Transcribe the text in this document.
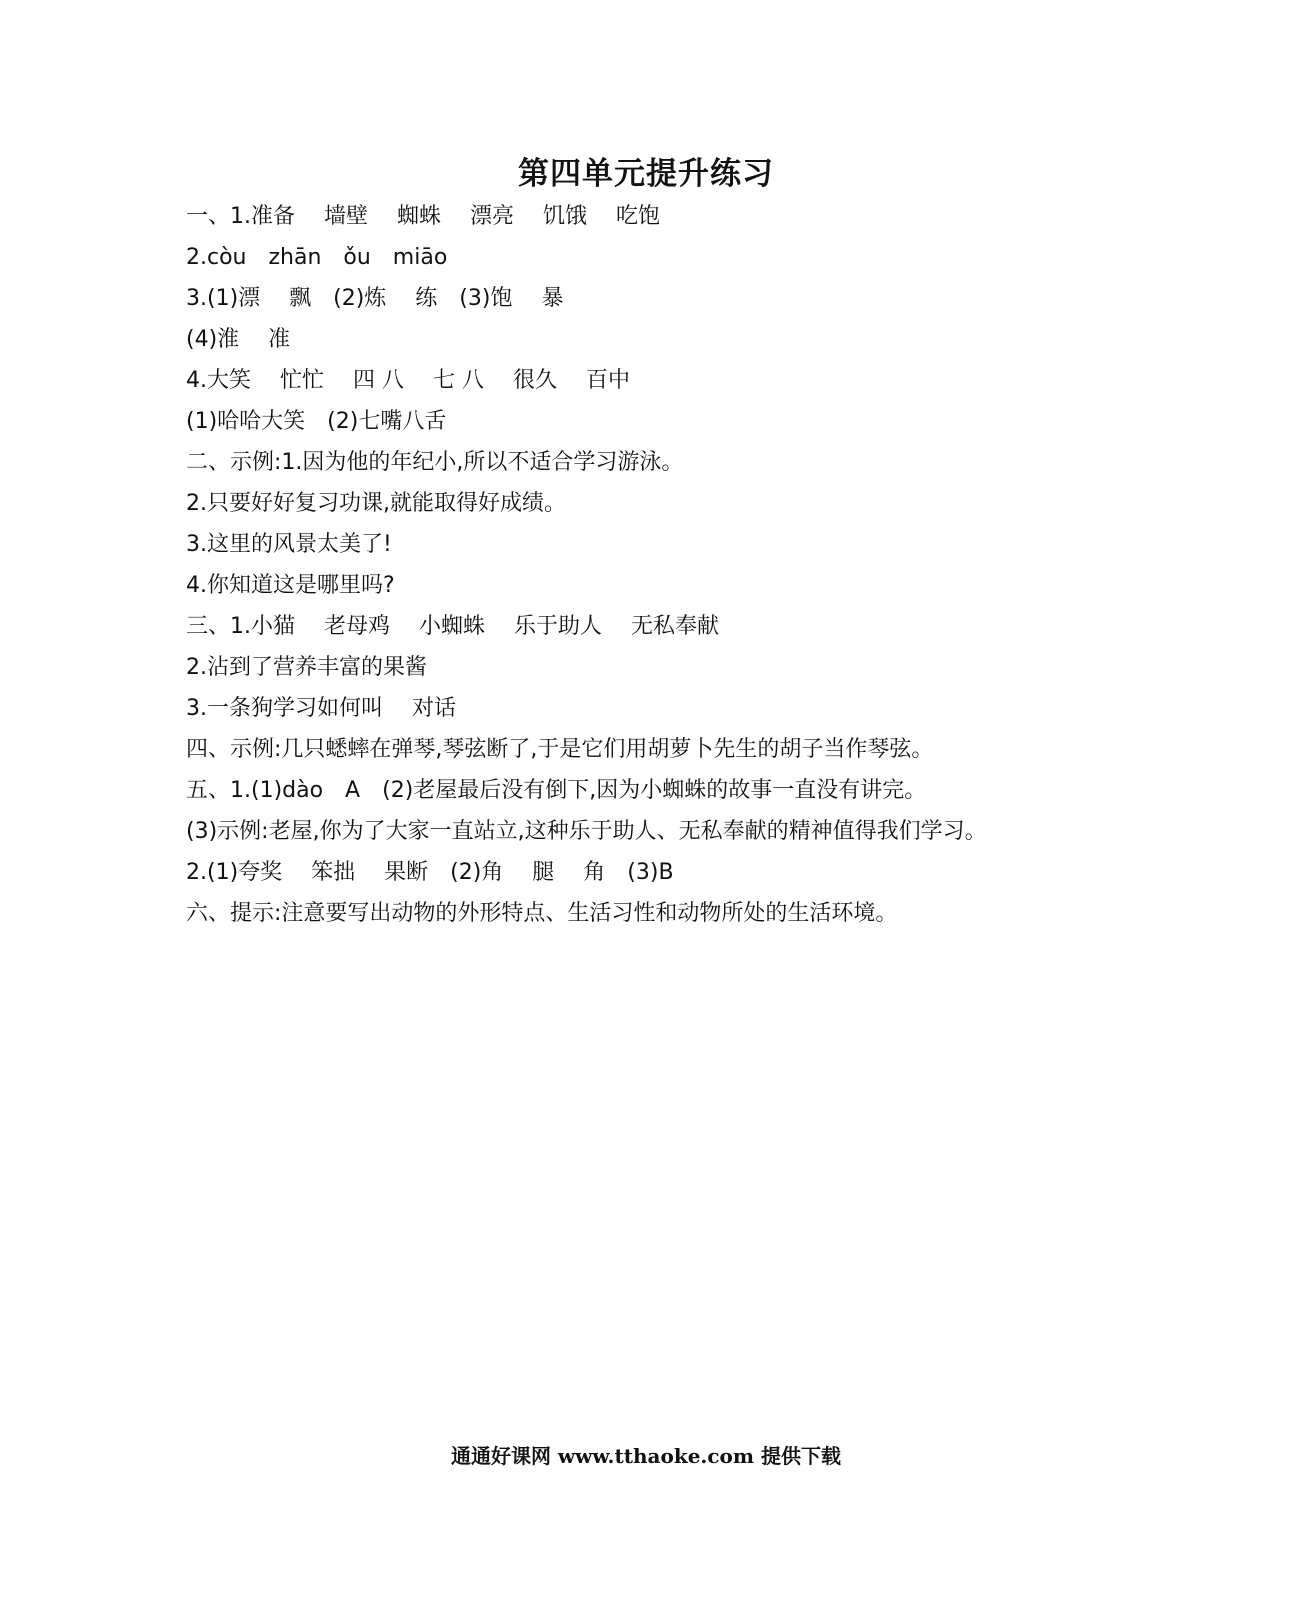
第四单元提升练习
一、1.准备　 墙壁　 蜘蛛　 漂亮　 饥饿　 吃饱
2.còu　zhān　ǒu　miāo
3.(1)漂　 飘　(2)炼　 练　(3)饱　 暴
(4)淮　 准
4.大笑　 忙忙　 四 八　 七 八　 很久　 百中
(1)哈哈大笑　(2)七嘴八舌
二、示例:1.因为他的年纪小,所以不适合学习游泳。
2.只要好好复习功课,就能取得好成绩。
3.这里的风景太美了!
4.你知道这是哪里吗?
三、1.小猫　 老母鸡　 小蜘蛛　 乐于助人　 无私奉献
2.沾到了营养丰富的果酱
3.一条狗学习如何叫　 对话
四、示例:几只蟋蟀在弹琴,琴弦断了,于是它们用胡萝卜先生的胡子当作琴弦。
五、1.(1)dào　A　(2)老屋最后没有倒下,因为小蜘蛛的故事一直没有讲完。
(3)示例:老屋,你为了大家一直站立,这种乐于助人、无私奉献的精神值得我们学习。
2.(1)夸奖　 笨拙　 果断　(2)角　 腿　 角　(3)B
六、提示:注意要写出动物的外形特点、生活习性和动物所处的生活环境。
通通好课网 www.tthaoke.com 提供下载
